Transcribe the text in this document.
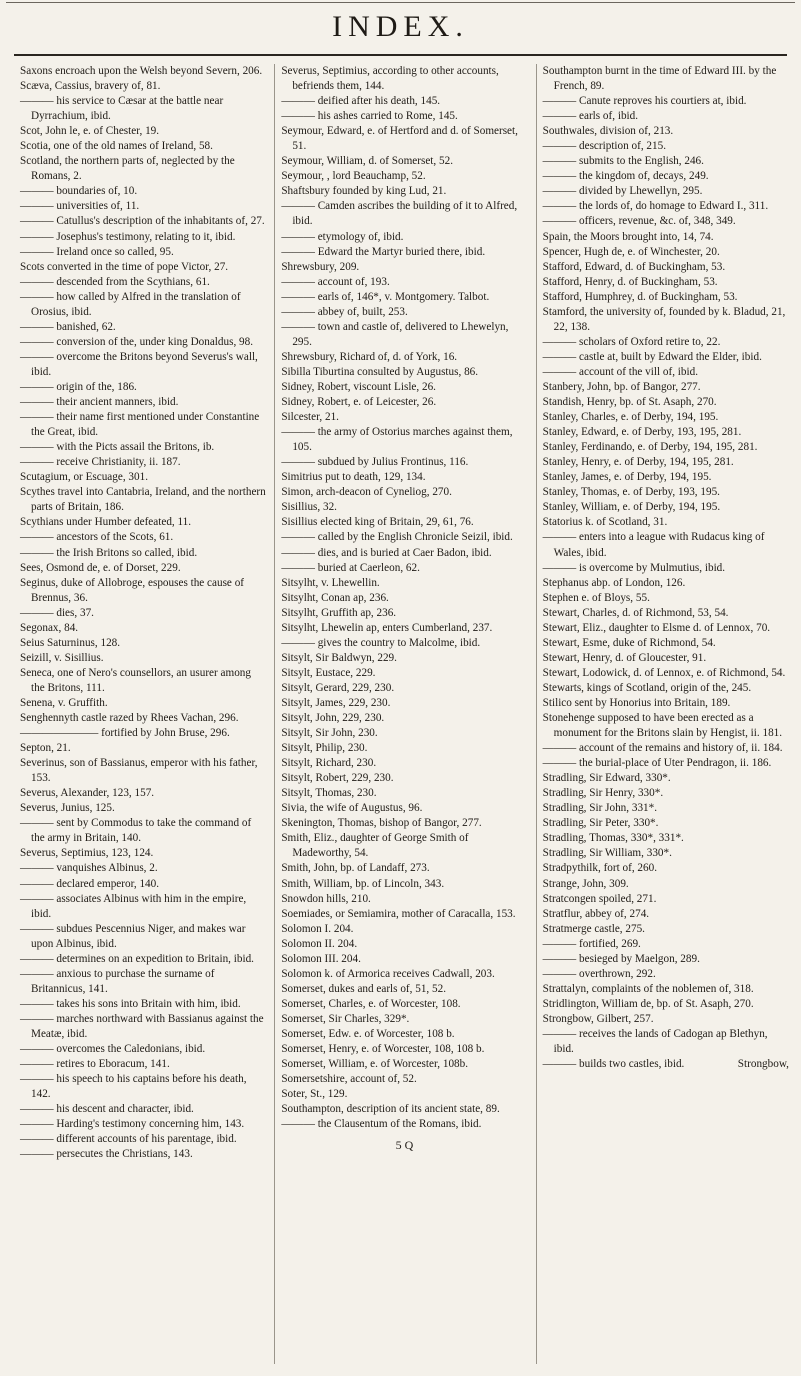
INDEX.
Saxons encroach upon the Welsh beyond Severn, 206.
Scæva, Cassius, bravery of, 81.
——— his service to Cæsar at the battle near Dyrrachium, ibid.
Scot, John le, e. of Chester, 19.
Scotia, one of the old names of Ireland, 58.
Scotland, the northern parts of, neglected by the Romans, 2.
——— boundaries of, 10.
——— universities of, 11.
——— Catullus's description of the inhabitants of, 27.
——— Josephus's testimony, relating to it, ibid.
——— Ireland once so called, 95.
Scots converted in the time of pope Victor, 27.
——— descended from the Scythians, 61.
——— how called by Alfred in the translation of Orosius, ibid.
——— banished, 62.
——— conversion of the, under king Donaldus, 98.
——— overcome the Britons beyond Severus's wall, ibid.
——— origin of the, 186.
——— their ancient manners, ibid.
——— their name first mentioned under Constantine the Great, ibid.
——— with the Picts assail the Britons, ib.
——— receive Christianity, ii. 187.
Scutagium, or Escuage, 301.
Scythes travel into Cantabria, Ireland, and the northern parts of Britain, 186.
Scythians under Humber defeated, 11.
——— ancestors of the Scots, 61.
——— the Irish Britons so called, ibid.
Sees, Osmond de, e. of Dorset, 229.
Seginus, duke of Allobroge, espouses the cause of Brennus, 36.
——— dies, 37.
Segonax, 84.
Seius Saturninus, 128.
Seizill, v. Sisillius.
Seneca, one of Nero's counsellors, an usurer among the Britons, 111.
Senena, v. Gruffith.
Senghennyth castle razed by Rhees Vachan, 296.
——————— fortified by John Bruse, 296.
Septon, 21.
Severinus, son of Bassianus, emperor with his father, 153.
Severus, Alexander, 123, 157.
Severus, Junius, 125.
——— sent by Commodus to take the command of the army in Britain, 140.
Severus, Septimius, 123, 124.
——— vanquishes Albinus, 2.
——— declared emperor, 140.
——— associates Albinus with him in the empire, ibid.
——— subdues Pescennius Niger, and makes war upon Albinus, ibid.
——— determines on an expedition to Britain, ibid.
——— anxious to purchase the surname of Britannicus, 141.
——— takes his sons into Britain with him, ibid.
——— marches northward with Bassianus against the Meatæ, ibid.
——— overcomes the Caledonians, ibid.
——— retires to Eboracum, 141.
——— his speech to his captains before his death, 142.
——— his descent and character, ibid.
——— Harding's testimony concerning him, 143.
——— different accounts of his parentage, ibid.
——— persecutes the Christians, 143.
Severus, Septimius, according to other accounts, befriends them, 144.
——— deified after his death, 145.
——— his ashes carried to Rome, 145.
Seymour, Edward, e. of Hertford and d. of Somerset, 51.
Seymour, William, d. of Somerset, 52.
Seymour, , lord Beauchamp, 52.
Shaftsbury founded by king Lud, 21.
——— Camden ascribes the building of it to Alfred, ibid.
——— etymology of, ibid.
——— Edward the Martyr buried there, ibid.
Shrewsbury, 209.
——— account of, 193.
——— earls of, 146*, v. Montgomery. Talbot.
——— abbey of, built, 253.
——— town and castle of, delivered to Lhewelyn, 295.
Shrewsbury, Richard of, d. of York, 16.
Sibilla Tiburtina consulted by Augustus, 86.
Sidney, Robert, viscount Lisle, 26.
Sidney, Robert, e. of Leicester, 26.
Silcester, 21.
——— the army of Ostorius marches against them, 105.
——— subdued by Julius Frontinus, 116.
Simitrius put to death, 129, 134.
Simon, arch-deacon of Cyneliog, 270.
Sisillius, 32.
Sisillius elected king of Britain, 29, 61, 76.
——— called by the English Chronicle Seizil, ibid.
——— dies, and is buried at Caer Badon, ibid.
——— buried at Caerleon, 62.
Sitsylht, v. Lhewellin.
Sitsylht, Conan ap, 236.
Sitsylht, Gruffith ap, 236.
Sitsylht, Lhewelin ap, enters Cumberland, 237.
——— gives the country to Malcolme, ibid.
Sitsylt, Sir Baldwyn, 229.
Sitsylt, Eustace, 229.
Sitsylt, Gerard, 229, 230.
Sitsylt, James, 229, 230.
Sitsylt, John, 229, 230.
Sitsylt, Sir John, 230.
Sitsylt, Philip, 230.
Sitsylt, Richard, 230.
Sitsylt, Robert, 229, 230.
Sitsylt, Thomas, 230.
Sivia, the wife of Augustus, 96.
Skenington, Thomas, bishop of Bangor, 277.
Smith, Eliz., daughter of George Smith of Madeworthy, 54.
Smith, John, bp. of Landaff, 273.
Smith, William, bp. of Lincoln, 343.
Snowdon hills, 210.
Soemiades, or Semiamira, mother of Caracalla, 153.
Solomon I. 204.
Solomon II. 204.
Solomon III. 204.
Solomon k. of Armorica receives Cadwall, 203.
Somerset, dukes and earls of, 51, 52.
Somerset, Charles, e. of Worcester, 108.
Somerset, Sir Charles, 329*.
Somerset, Edw. e. of Worcester, 108 b.
Somerset, Henry, e. of Worcester, 108, 108 b.
Somerset, William, e. of Worcester, 108b.
Somersetshire, account of, 52.
Soter, St., 129.
Southampton, description of its ancient state, 89.
——— the Clausentum of the Romans, ibid.
5 Q
Southampton burnt in the time of Edward III. by the French, 89.
——— Canute reproves his courtiers at, ibid.
——— earls of, ibid.
Southwales, division of, 213.
——— description of, 215.
——— submits to the English, 246.
——— the kingdom of, decays, 249.
——— divided by Lhewellyn, 295.
——— the lords of, do homage to Edward I., 311.
——— officers, revenue, &c. of, 348, 349.
Spain, the Moors brought into, 14, 74.
Spencer, Hugh de, e. of Winchester, 20.
Stafford, Edward, d. of Buckingham, 53.
Stafford, Henry, d. of Buckingham, 53.
Stafford, Humphrey, d. of Buckingham, 53.
Stamford, the university of, founded by k. Bladud, 21, 22, 138.
——— scholars of Oxford retire to, 22.
——— castle at, built by Edward the Elder, ibid.
——— account of the vill of, ibid.
Stanbery, John, bp. of Bangor, 277.
Standish, Henry, bp. of St. Asaph, 270.
Stanley, Charles, e. of Derby, 194, 195.
Stanley, Edward, e. of Derby, 193, 195, 281.
Stanley, Ferdinando, e. of Derby, 194, 195, 281.
Stanley, Henry, e. of Derby, 194, 195, 281.
Stanley, James, e. of Derby, 194, 195.
Stanley, Thomas, e. of Derby, 193, 195.
Stanley, William, e. of Derby, 194, 195.
Statorius k. of Scotland, 31.
——— enters into a league with Rudacus king of Wales, ibid.
——— is overcome by Mulmutius, ibid.
Stephanus abp. of London, 126.
Stephen e. of Bloys, 55.
Stewart, Charles, d. of Richmond, 53, 54.
Stewart, Eliz., daughter to Elsme d. of Lennox, 70.
Stewart, Esme, duke of Richmond, 54.
Stewart, Henry, d. of Gloucester, 91.
Stewart, Lodowick, d. of Lennox, e. of Richmond, 54.
Stewarts, kings of Scotland, origin of the, 245.
Stilico sent by Honorius into Britain, 189.
Stonehenge supposed to have been erected as a monument for the Britons slain by Hengist, ii. 181.
——— account of the remains and history of, ii. 184.
——— the burial-place of Uter Pendragon, ii. 186.
Stradling, Sir Edward, 330*.
Stradling, Sir Henry, 330*.
Stradling, Sir John, 331*.
Stradling, Sir Peter, 330*.
Stradling, Thomas, 330*, 331*.
Stradling, Sir William, 330*.
Stradpythilk, fort of, 260.
Strange, John, 309.
Stratcongen spoiled, 271.
Stratflur, abbey of, 274.
Stratmerge castle, 275.
——— fortified, 269.
——— besieged by Maelgon, 289.
——— overthrown, 292.
Strattalyn, complaints of the noblemen of, 318.
Stridlington, William de, bp. of St. Asaph, 270.
Strongbow, Gilbert, 257.
——— receives the lands of Cadogan ap Blethyn, ibid.
——— builds two castles, ibid.	Strongbow,
